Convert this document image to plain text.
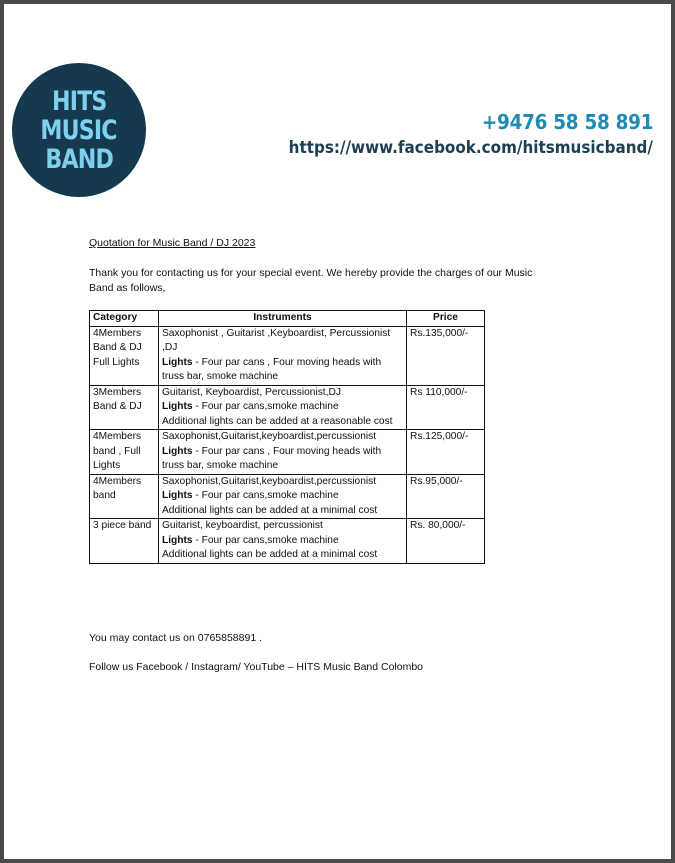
HITS
MUSIC
BAND
+9476 58 58 891
https://www.facebook.com/hitsmusicband/
Quotation for Music Band / DJ 2023
Thank you for contacting us for your special event. We hereby provide the charges of our Music Band as follows,
Category	Instruments	Price
4Members Band & DJ Full Lights	Saxophonist , Guitarist ,Keyboardist, Percussionist ,DJ
Lights - Four par cans , Four moving heads with truss bar, smoke machine	Rs.135,000/-
3Members Band & DJ	Guitarist, Keyboardist, Percussionist,DJ
Lights - Four par cans,smoke machine
Additional lights can be added at a reasonable cost	Rs 110,000/-
4Members band , Full Lights	Saxophonist,Guitarist,keyboardist,percussionist
Lights - Four par cans , Four moving heads with truss bar, smoke machine	Rs.125,000/-
4Members band	Saxophonist,Guitarist,keyboardist,percussionist
Lights - Four par cans,smoke machine
Additional lights can be added at a minimal cost	Rs.95,000/-
3 piece band	Guitarist, keyboardist, percussionist
Lights - Four par cans,smoke machine
Additional lights can be added at a minimal cost	Rs. 80,000/-
You may contact us on 0765858891 .
Follow us Facebook / Instagram/ YouTube – HITS Music Band Colombo
